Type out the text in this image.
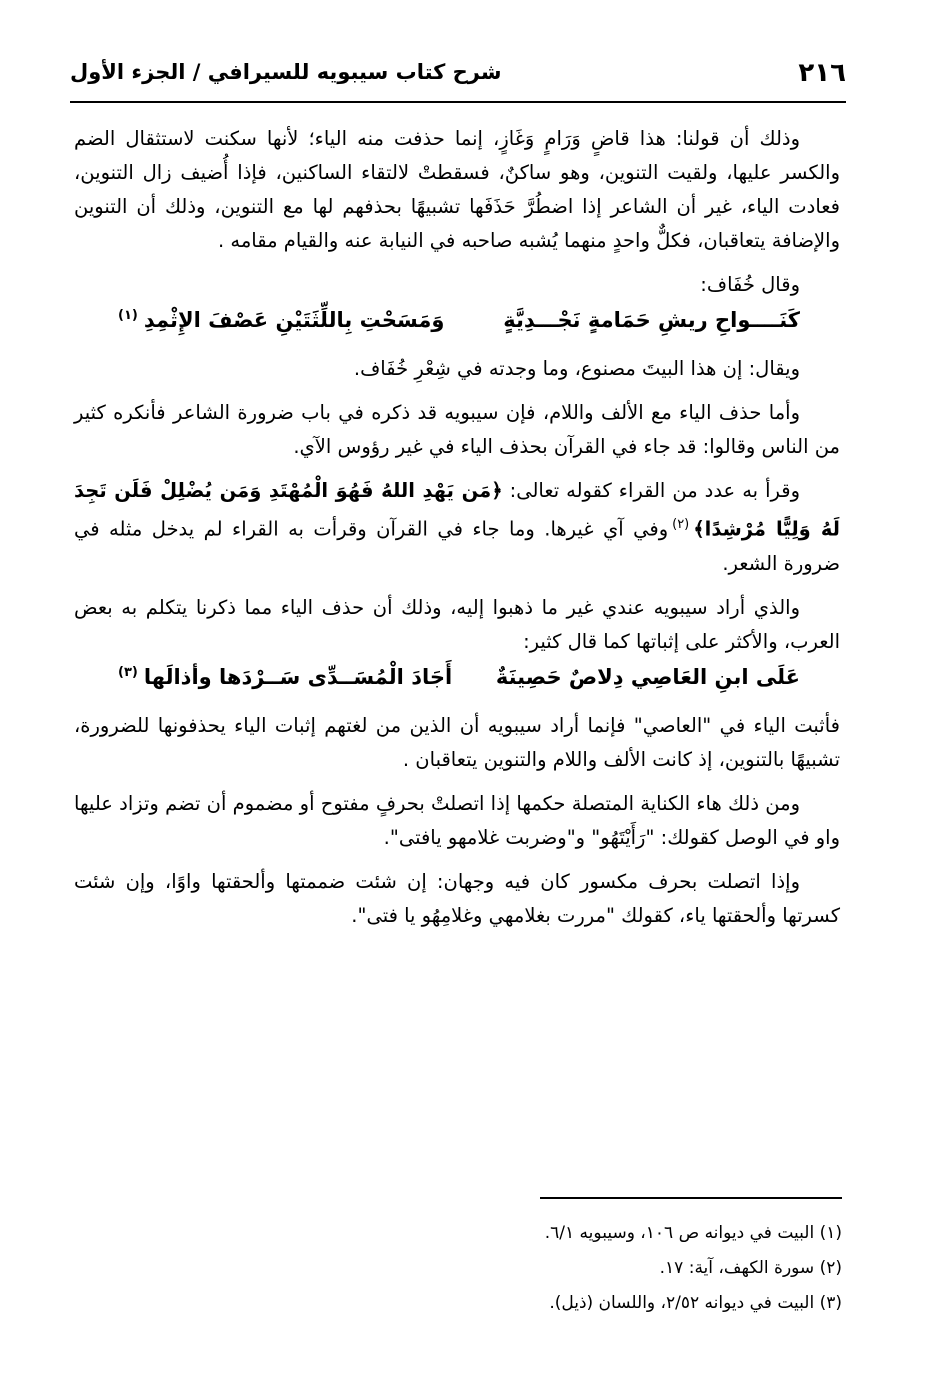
٢١٦
شرح كتاب سيبويه للسيرافي / الجزء الأول

وذلك أن قولنا: هذا قاضٍ وَرَامٍ وَغَازٍ، إنما حذفت منه الياء؛ لأنها سكنت لاستثقال الضم والكسر عليها، ولقيت التنوين، وهو ساكنٌ، فسقطتْ لالتقاء الساكنين، فإذا أُضيف زال التنوين، فعادت الياء، غير أن الشاعر إذا اضطُرَّ حَذَفَها تشبيهًا بحذفهم لها مع التنوين، وذلك أن التنوين والإضافة يتعاقبان، فكلٌّ واحدٍ منهما يُشبه صاحبه في النيابة عنه والقيام مقامه .

وقال خُفَاف:

كَنَــــواحِ ريشِ حَمَامةٍ نَجْـــدِيَّةٍ
وَمَسَحْتِ بِاللِّثَتَيْنِ عَصْفَ الإِثْمِدِ$^{(١)}$

ويقال: إن هذا البيتَ مصنوع، وما وجدته في شِعْرِ خُفَاف.

وأما حذف الياء مع الألف واللام، فإن سيبويه قد ذكره في باب ضرورة الشاعر فأنكره كثير من الناس وقالوا: قد جاء في القرآن بحذف الياء في غير رؤوس الآي.

وقرأ به عدد من القراء كقوله تعالى: ﴿مَن يَهْدِ اللهُ فَهُوَ الْمُهْتَدِ وَمَن يُضْلِلْ فَلَن تَجِدَ لَهُ وَلِيًّا مُرْشِدًا﴾$^{(٢)}$وفي آي غيرها. وما جاء في القرآن وقرأت به القراء لم يدخل مثله في ضرورة الشعر.

والذي أراد سيبويه عندي غير ما ذهبوا إليه، وذلك أن حذف الياء مما ذكرنا يتكلم به بعض العرب، والأكثر على إثباتها كما قال كثير:

عَلَى ابنِ العَاصِي دِلاصٌ حَصِينَةٌ
أَجَادَ الْمُسَــدِّى سَــرْدَها وأذالَها$^{(٣)}$

فأثبت الياء في "العاصي" فإنما أراد سيبويه أن الذين من لغتهم إثبات الياء يحذفونها للضرورة، تشبيهًا بالتنوين، إذ كانت الألف واللام والتنوين يتعاقبان .

ومن ذلك هاء الكناية المتصلة حكمها إذا اتصلتْ بحرفٍ مفتوح أو مضموم أن تضم وتزاد عليها واو في الوصل كقولك: "رَأَيْتَهُو" و"وضربت غلامهو يافتى".

وإذا اتصلت بحرف مكسور كان فيه وجهان: إن شئت ضممتها وألحقتها واوًا، وإن شئت كسرتها وألحقتها ياء، كقولك "مررت بغلامهي وغلامِهُو يا فتى".

(١) البيت في ديوانه ص ١٠٦، وسيبويه ٦/١.
(٢) سورة الكهف، آية: ١٧.
(٣) البيت في ديوانه ٢/٥٢، واللسان (ذيل).
